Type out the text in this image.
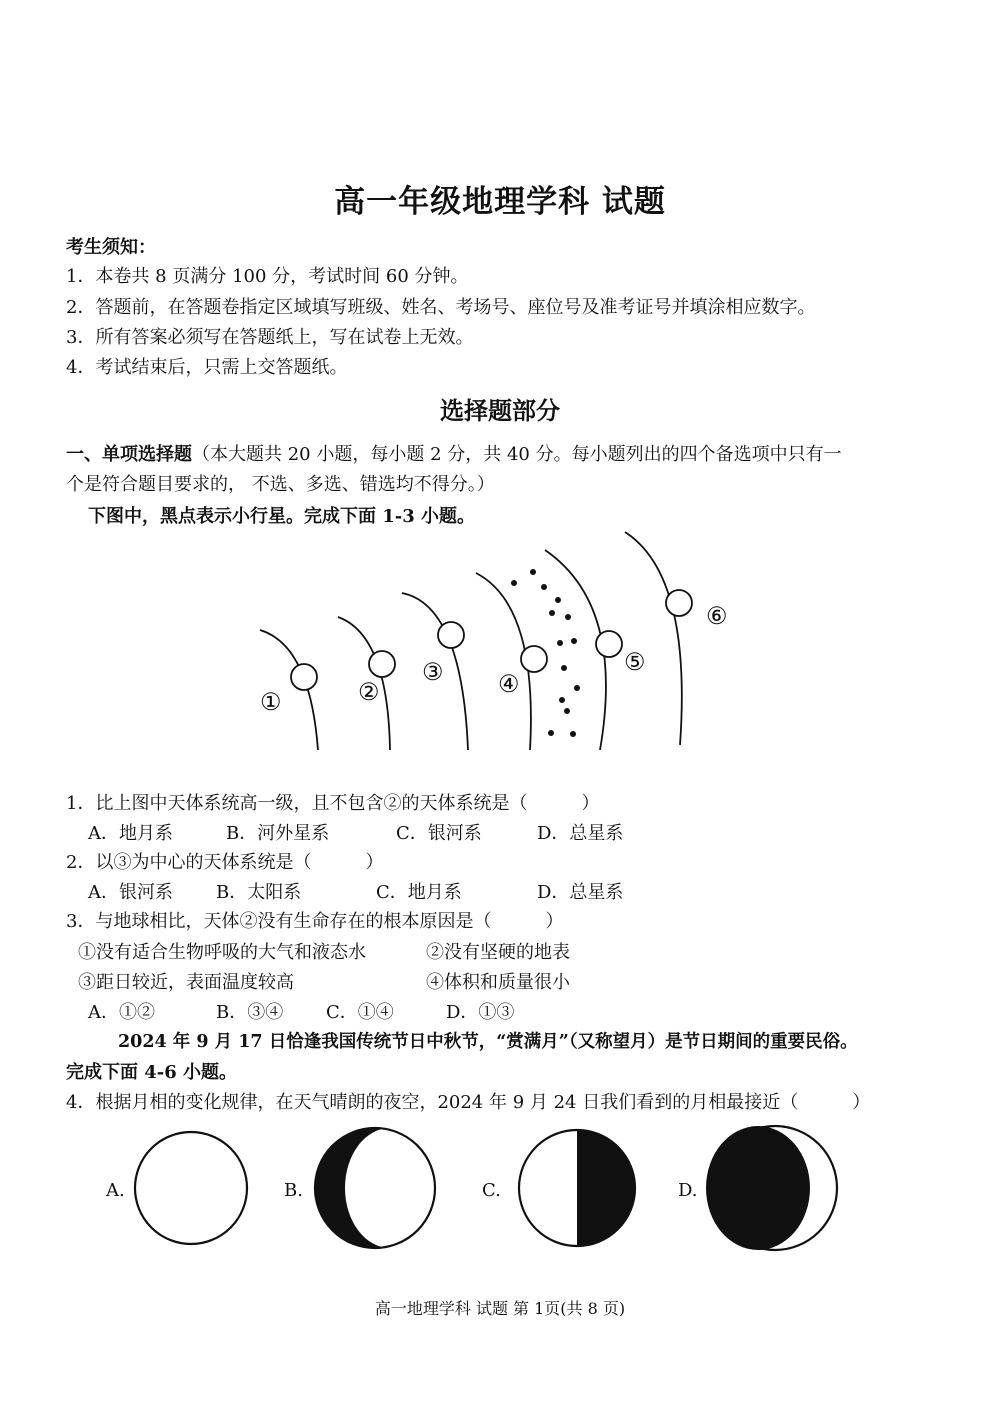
高一年级地理学科 试题
考生须知：
1．本卷共 8 页满分 100 分，考试时间 60 分钟。
2．答题前，在答题卷指定区域填写班级、姓名、考场号、座位号及准考证号并填涂相应数字。
3．所有答案必须写在答题纸上，写在试卷上无效。
4．考试结束后，只需上交答题纸。
选择题部分
一、单项选择题（本大题共 20 小题，每小题 2 分，共 40 分。每小题列出的四个备选项中只有一
个是符合题目要求的， 不选、多选、错选均不得分。）
下图中，黑点表示小行星。完成下面 1-3 小题。
①	②
③ ④
⑤
⑥
1．比上图中天体系统高一级，且不包含②的天体系统是（　　　）
A．地月系	B．河外星系	C．银河系	D．总星系
2．以③为中心的天体系统是（　　　）
A．银河系 B．太阳系	C．地月系	D．总星系
3．与地球相比，天体②没有生命存在的根本原因是（　　　）
①没有适合生物呼吸的大气和液态水	②没有坚硬的地表
③距日较近，表面温度较高	④体积和质量很小
A．①②	B．③④ C．①④	D．①③
2024 年 9 月 17 日恰逢我国传统节日中秋节，“赏满月”（又称望月）是节日期间的重要民俗。
完成下面 4-6 小题。
4．根据月相的变化规律，在天气晴朗的夜空，2024 年 9 月 24 日我们看到的月相最接近（　　　）
A.	B.	C.	D.
高一地理学科 试题 第 1页(共 8 页)
